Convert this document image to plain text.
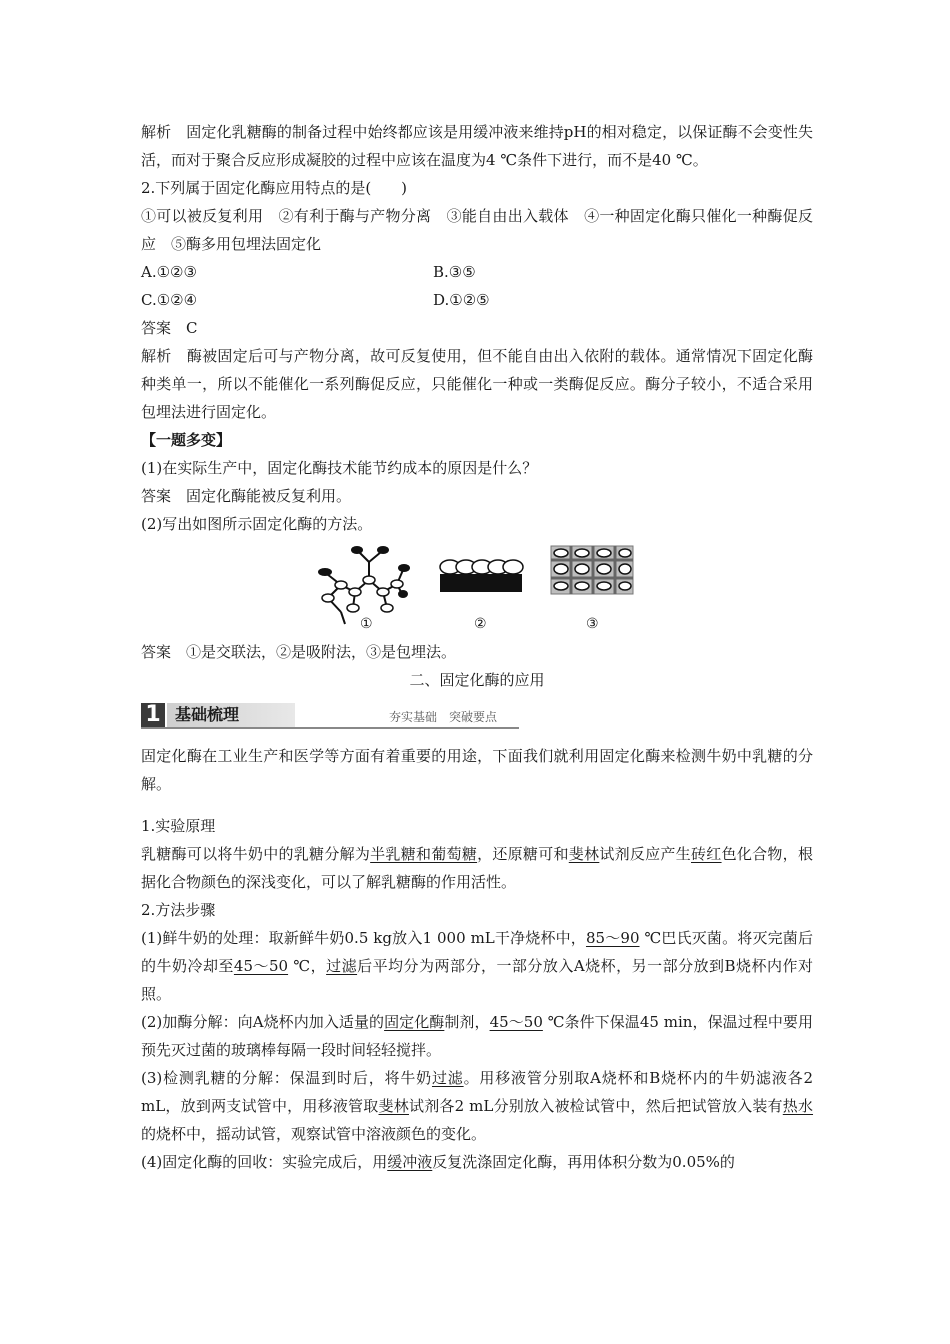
解析　固定化乳糖酶的制备过程中始终都应该是用缓冲液来维持pH的相对稳定，以保证酶不会变性失活，而对于聚合反应形成凝胶的过程中应该在温度为4 ℃条件下进行，而不是40 ℃。

2.下列属于固定化酶应用特点的是(　　)

①可以被反复利用　②有利于酶与产物分离　③能自由出入载体　④一种固定化酶只催化一种酶促反应　⑤酶多用包埋法固定化

A.①②③	B.③⑤
C.①②④	D.①②⑤

答案　C

解析　酶被固定后可与产物分离，故可反复使用，但不能自由出入依附的载体。通常情况下固定化酶种类单一，所以不能催化一系列酶促反应，只能催化一种或一类酶促反应。酶分子较小，不适合采用包埋法进行固定化。

【一题多变】

(1)在实际生产中，固定化酶技术能节约成本的原因是什么？

答案　固定化酶能被反复利用。

(2)写出如图所示固定化酶的方法。

①	②	③

答案　①是交联法，②是吸附法，③是包埋法。

二、固定化酶的应用

1 基础梳理	夯实基础　突破要点

固定化酶在工业生产和医学等方面有着重要的用途，下面我们就利用固定化酶来检测牛奶中乳糖的分解。

1.实验原理

乳糖酶可以将牛奶中的乳糖分解为半乳糖和葡萄糖，还原糖可和斐林试剂反应产生砖红色化合物，根据化合物颜色的深浅变化，可以了解乳糖酶的作用活性。

2.方法步骤

(1)鲜牛奶的处理：取新鲜牛奶0.5 kg放入1 000 mL干净烧杯中，85～90 ℃巴氏灭菌。将灭完菌后的牛奶冷却至45～50 ℃，过滤后平均分为两部分，一部分放入A烧杯，另一部分放到B烧杯内作对照。

(2)加酶分解：向A烧杯内加入适量的固定化酶制剂，45～50 ℃条件下保温45 min，保温过程中要用预先灭过菌的玻璃棒每隔一段时间轻轻搅拌。

(3)检测乳糖的分解：保温到时后，将牛奶过滤。用移液管分别取A烧杯和B烧杯内的牛奶滤液各2 mL，放到两支试管中，用移液管取斐林试剂各2 mL分别放入被检试管中，然后把试管放入装有热水的烧杯中，摇动试管，观察试管中溶液颜色的变化。

(4)固定化酶的回收：实验完成后，用缓冲液反复洗涤固定化酶，再用体积分数为0.05%的
